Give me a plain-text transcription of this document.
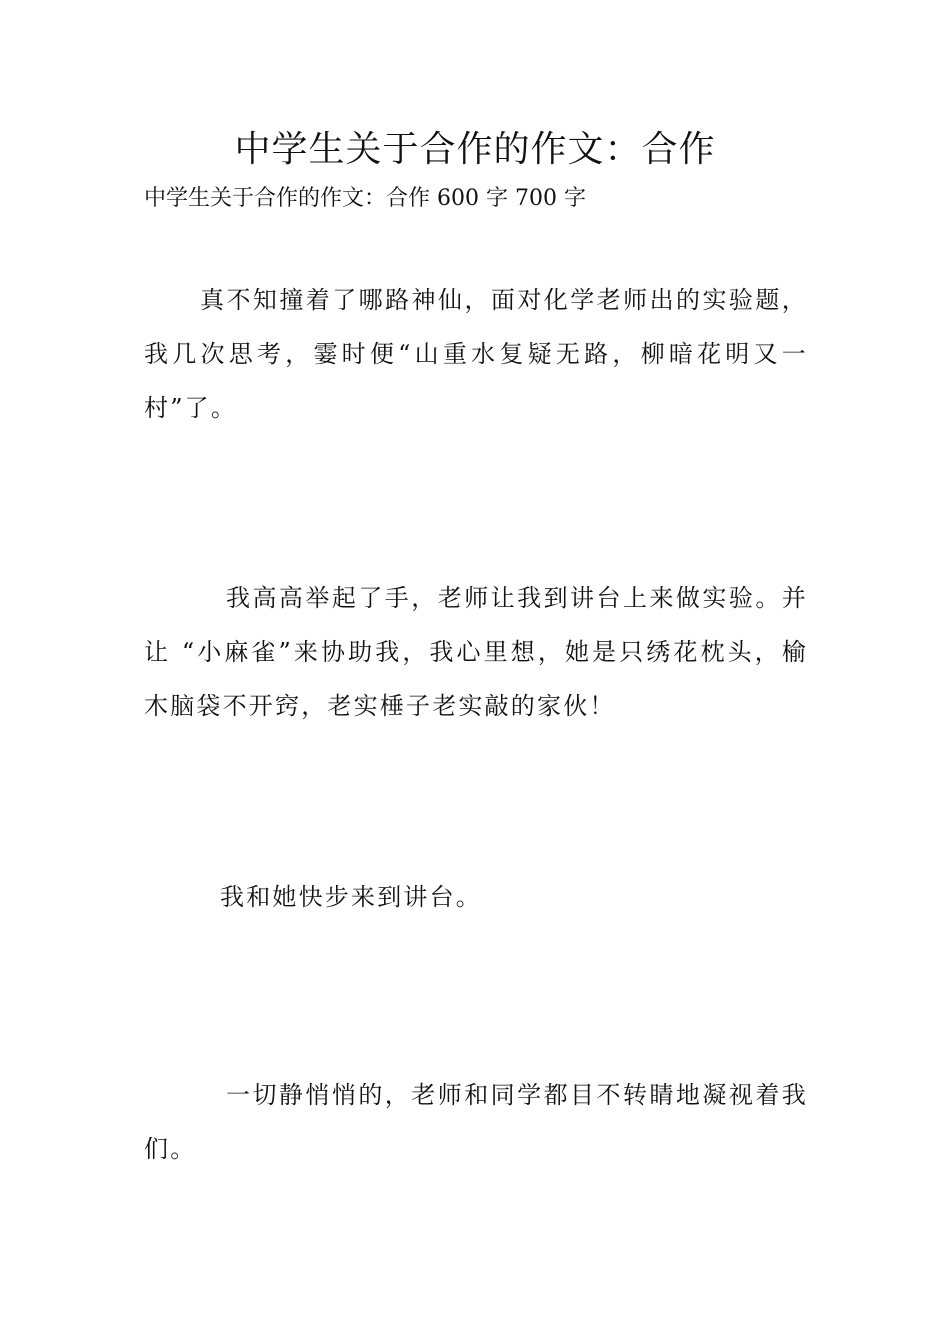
中学生关于合作的作文：合作

中学生关于合作的作文：合作 600 字 700 字

真不知撞着了哪路神仙，面对化学老师出的实验题，我几次思考，霎时便“山重水复疑无路，柳暗花明又一村”了。

我高高举起了手，老师让我到讲台上来做实验。并让 “小麻雀”来协助我，我心里想，她是只绣花枕头，榆木脑袋不开窍，老实棰子老实敲的家伙！

我和她快步来到讲台。

一切静悄悄的，老师和同学都目不转睛地凝视着我们。
